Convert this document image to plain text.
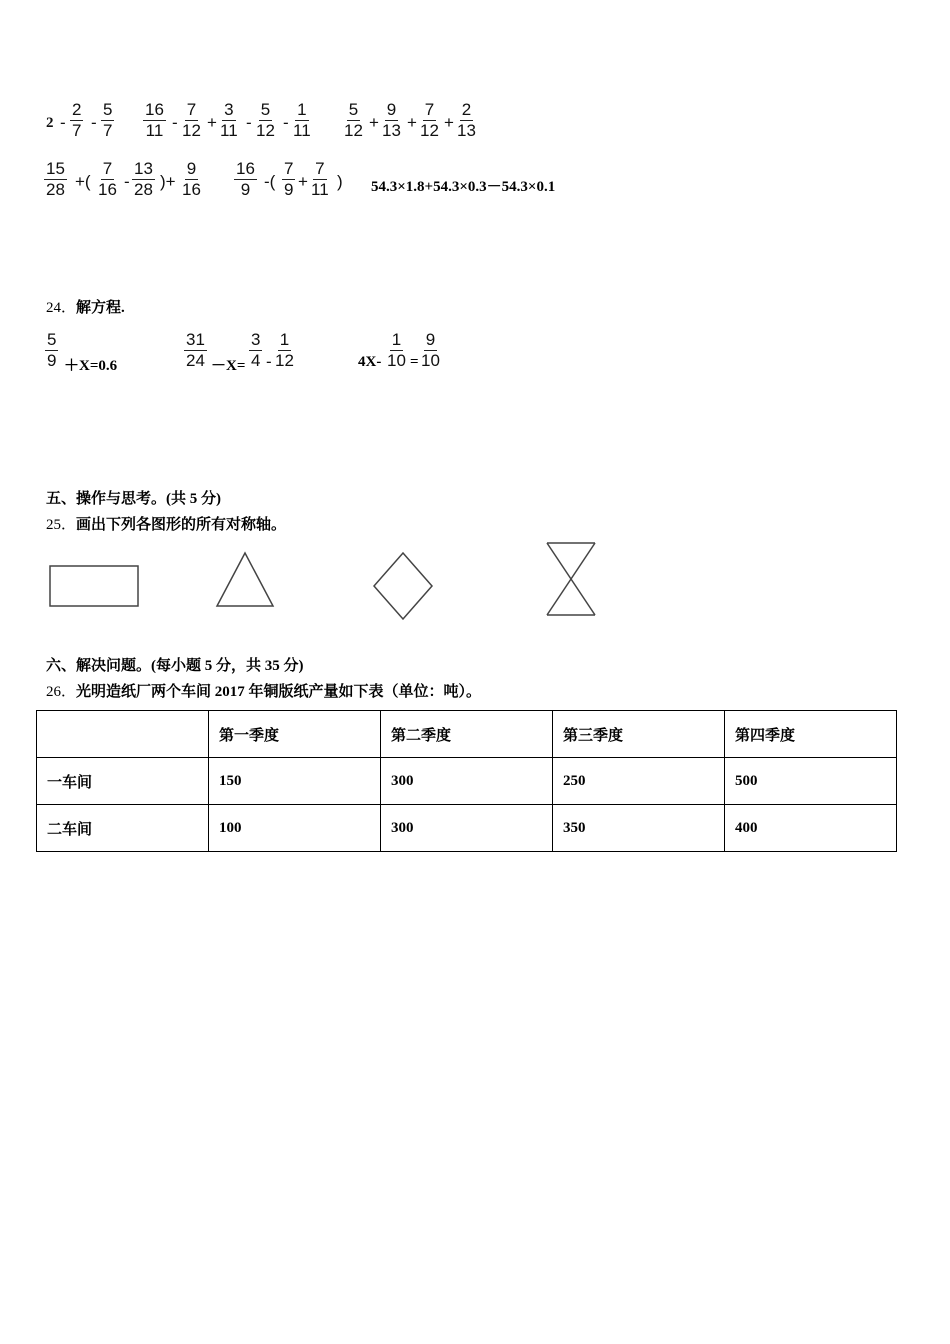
$2 - \frac{2}{7} - \frac{5}{7} \frac{16}{11} - \frac{7}{12} + \frac{3}{11} - \frac{5}{12} - \frac{1}{11} \frac{5}{12} + \frac{9}{13} + \frac{7}{12} + \frac{2}{13}$
$\frac{15}{28}$ +( $\frac{7}{16} - \frac{13}{28}$ )+ $\frac{9}{16} \frac{16}{9}$ -( $\frac{7}{9} + \frac{7}{11}$ ) 54.3×1.8+54.3×0.3－54.3×0.1
24．解方程.
$\frac{5}{9} +X=0.6$	$\frac{31}{24} -X= \frac{3}{4} - \frac{1}{12}$	$4X- \frac{1}{10} = \frac{9}{10}$
五、操作与思考。(共 5 分)
25．画出下列各图形的所有对称轴。
六、解决问题。(每小题 5 分，共 35 分)
26．光明造纸厂两个车间 2017 年铜版纸产量如下表（单位：吨）。
	第一季度	第二季度	第三季度	第四季度
一车间	150	300	250	500
二车间	100	300	350	400
